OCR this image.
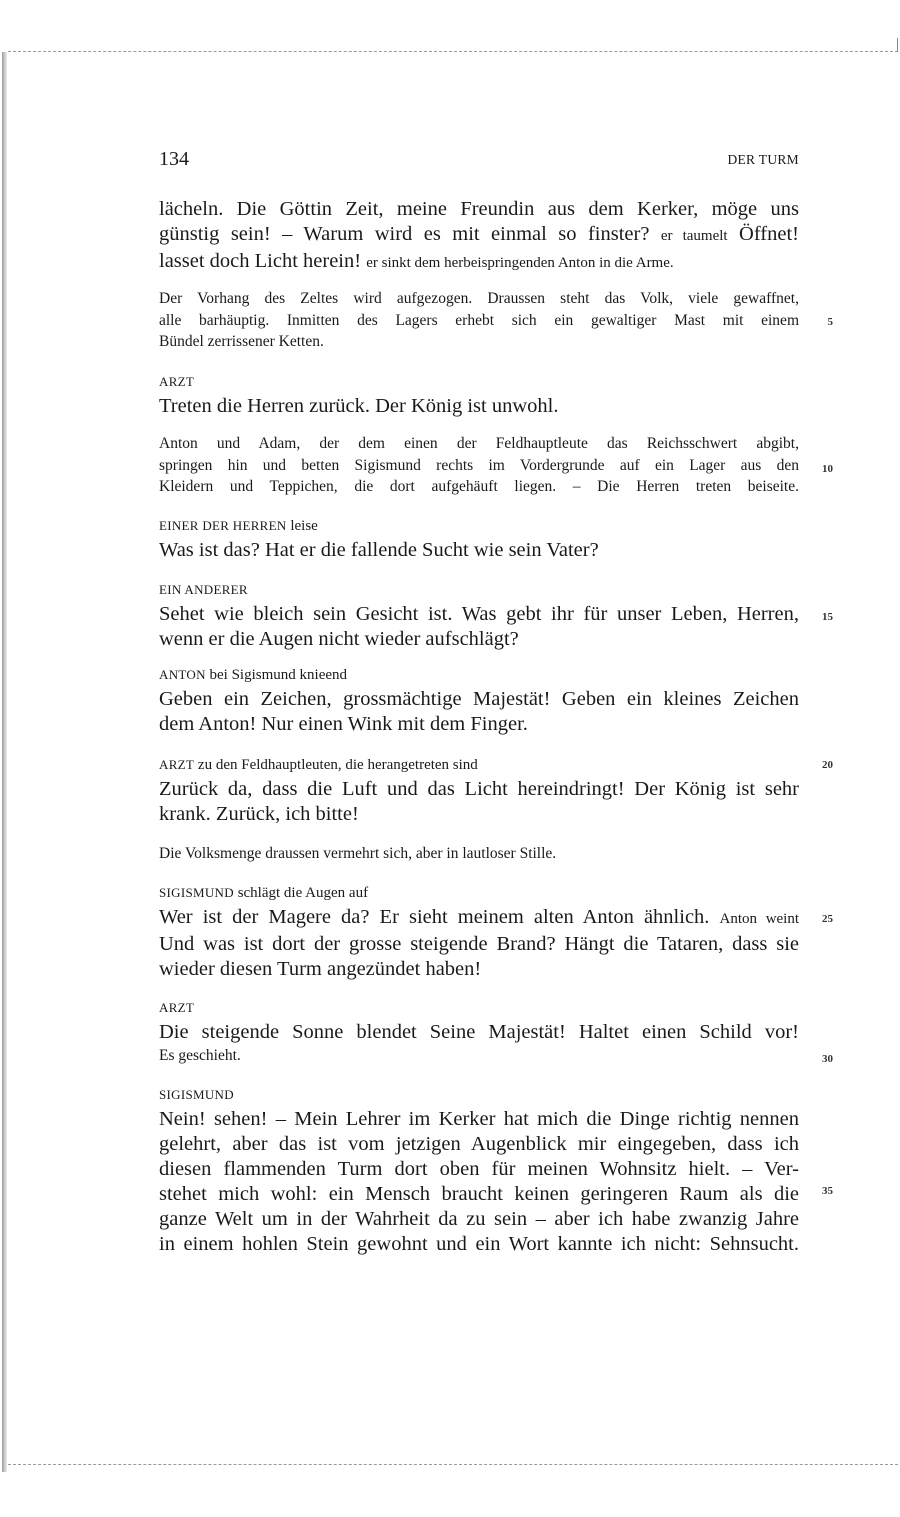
134	DER TURM
lächeln. Die Göttin Zeit, meine Freundin aus dem Kerker, möge uns
günstig sein! – Warum wird es mit einmal so finster? er taumelt Öffnet!
lasset doch Licht herein! er sinkt dem herbeispringenden Anton in die Arme.
Der Vorhang des Zeltes wird aufgezogen. Draussen steht das Volk, viele gewaffnet,
alle barhäuptig. Inmitten des Lagers erhebt sich ein gewaltiger Mast mit einem
Bündel zerrissener Ketten.
5
ARZT
Treten die Herren zurück. Der König ist unwohl.
Anton und Adam, der dem einen der Feldhauptleute das Reichsschwert abgibt,
springen hin und betten Sigismund rechts im Vordergrunde auf ein Lager aus den
Kleidern und Teppichen, die dort aufgehäuft liegen. – Die Herren treten beiseite.
10
EINER DER HERREN leise
Was ist das? Hat er die fallende Sucht wie sein Vater?
EIN ANDERER
Sehet wie bleich sein Gesicht ist. Was gebt ihr für unser Leben, Herren,
wenn er die Augen nicht wieder aufschlägt?
15
ANTON bei Sigismund knieend
Geben ein Zeichen, grossmächtige Majestät! Geben ein kleines Zeichen
dem Anton! Nur einen Wink mit dem Finger.
ARZT zu den Feldhauptleuten, die herangetreten sind
Zurück da, dass die Luft und das Licht hereindringt! Der König ist sehr
krank. Zurück, ich bitte!
20
Die Volksmenge draussen vermehrt sich, aber in lautloser Stille.
SIGISMUND schlägt die Augen auf
Wer ist der Magere da? Er sieht meinem alten Anton ähnlich. Anton weint
Und was ist dort der grosse steigende Brand? Hängt die Tataren, dass sie
wieder diesen Turm angezündet haben!
25
ARZT
Die steigende Sonne blendet Seine Majestät! Haltet einen Schild vor!
Es geschieht.	30
SIGISMUND
Nein! sehen! – Mein Lehrer im Kerker hat mich die Dinge richtig nennen
gelehrt, aber das ist vom jetzigen Augenblick mir eingegeben, dass ich
diesen flammenden Turm dort oben für meinen Wohnsitz hielt. – Ver-
stehet mich wohl: ein Mensch braucht keinen geringeren Raum als die
ganze Welt um in der Wahrheit da zu sein – aber ich habe zwanzig Jahre
in einem hohlen Stein gewohnt und ein Wort kannte ich nicht: Sehnsucht.
35
